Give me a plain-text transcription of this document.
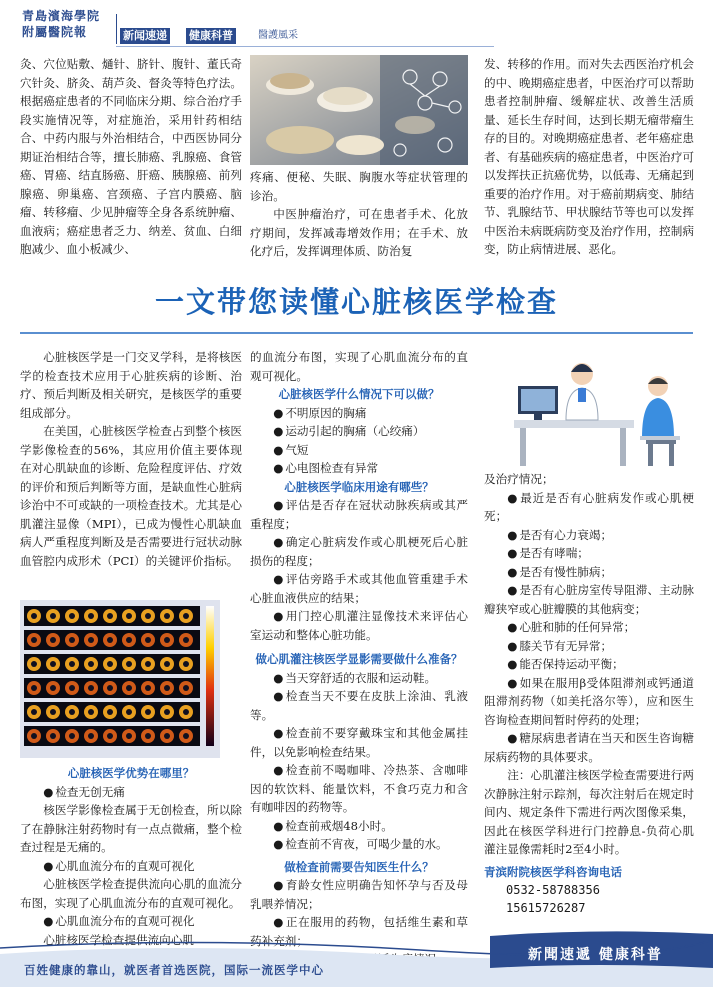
青島濱海學院
附屬醫院報	新闻速递 健康科普	醫護風采

灸、穴位贴敷、熥针、脐针、腹针、董氏奇穴针灸、脐灸、葫芦灸、督灸等特色疗法。根据癌症患者的不同临床分期、综合治疗手段实施情况等，对症施治，采用针药相结合、中药内服与外治相结合，中西医协同分期证治相结合等，擅长肺癌、乳腺癌、食管癌、胃癌、结直肠癌、肝癌、胰腺癌、前列腺癌、卵巢癌、宫颈癌、子宫内膜癌、脑瘤、转移瘤、少见肿瘤等全身各系统肿瘤、血液病；癌症患者乏力、纳差、贫血、白细胞减少、血小板减少、

疼痛、便秘、失眠、胸腹水等症状管理的诊治。

中医肿瘤治疗，可在患者手术、化放疗期间，发挥减毒增效作用；在手术、放化疗后，发挥调理体质、防治复

发、转移的作用。而对失去西医治疗机会的中、晚期癌症患者，中医治疗可以帮助患者控制肿瘤、缓解症状、改善生活质量、延长生存时间，达到长期无瘤带瘤生存的目的。对晚期癌症患者、老年癌症患者、有基础疾病的癌症患者，中医治疗可以发挥扶正抗癌优势，以低毒、无痛起到重要的治疗作用。对于癌前期病变、肺结节、乳腺结节、甲状腺结节等也可以发挥中医治未病既病防变及治疗作用，控制病变，防止病情进展、恶化。

一文带您读懂心脏核医学检查

心脏核医学是一门交叉学科，是将核医学的检查技术应用于心脏疾病的诊断、治疗、预后判断及相关研究，是核医学的重要组成部分。

在美国，心脏核医学检查占到整个核医学影像检查的56%，其应用价值主要体现在对心肌缺血的诊断、危险程度评估、疗效的评价和预后判断等方面，是缺血性心脏病诊治中不可或缺的一项检查技术。尤其是心肌灌注显像（MPI），已成为慢性心肌缺血病人严重程度判断及是否需要进行冠状动脉血管腔内成形术（PCI）的关键评价指标。

心脏核医学优势在哪里？

● 检查无创无痛

核医学影像检查属于无创检查，所以除了在静脉注射药物时有一点点微痛，整个检查过程是无痛的。

● 心肌血流分布的直观可视化

心脏核医学检查提供流向心肌的血流分布图，实现了心肌血流分布的直观可视化。

● 心肌血流分布的直观可视化

心脏核医学检查提供流向心肌

的血流分布图，实现了心肌血流分布的直观可视化。

心脏核医学什么情况下可以做？

● 不明原因的胸痛

● 运动引起的胸痛（心绞痛）

● 气短

● 心电图检查有异常

心脏核医学临床用途有哪些？

● 评估是否存在冠状动脉疾病或其严重程度；

● 确定心脏病发作或心肌梗死后心脏损伤的程度；

● 评估旁路手术或其他血管重建手术心脏血液供应的结果；

● 用门控心肌灌注显像技术来评估心室运动和整体心脏功能。

做心肌灌注核医学显影需要做什么准备？

● 当天穿舒适的衣服和运动鞋。

● 检查当天不要在皮肤上涂油、乳液等。

● 检查前不要穿戴珠宝和其他金属挂件，以免影响检查结果。

● 检查前不喝咖啡、冷热茶、含咖啡因的软饮料、能量饮料，不食巧克力和含有咖啡因的药物等。

● 检查前戒烟48小时。

● 检查前不宵夜，可喝少量的水。

做检查前需要告知医生什么？

● 育龄女性应明确告知怀孕与否及母乳喂养情况；

● 正在服用的药物，包括维生素和草药补充剂；

●

及治疗情况；

● 最近是否有心脏病发作或心肌梗死；

● 是否有心力衰竭；

● 是否有哮喘；

● 是否有慢性肺病；

● 是否有心脏房室传导阻滞、主动脉瓣狭窄或心脏瓣膜的其他病变；

● 心脏和肺的任何异常；

● 膝关节有无异常；

● 能否保持运动平衡；

● 如果在服用β受体阻滞剂或钙通道阻滞剂药物（如美托洛尔等），应和医生咨询检查期间暂时停药的处理；

● 糖尿病患者请在当天和医生咨询糖尿病药物的具体要求。

注：心肌灌注核医学检查需要进行两次静脉注射示踪剂，每次注射后在规定时间内、规定条件下需进行两次图像采集，因此在核医学科进行门控静息-负荷心肌灌注显像需耗时2至4小时。

青滨附院核医学科咨询电话

0532-58788356

15615726287

百姓健康的靠山，就医者首选医院，国际一流医学中心
新聞速遞 健康科普
